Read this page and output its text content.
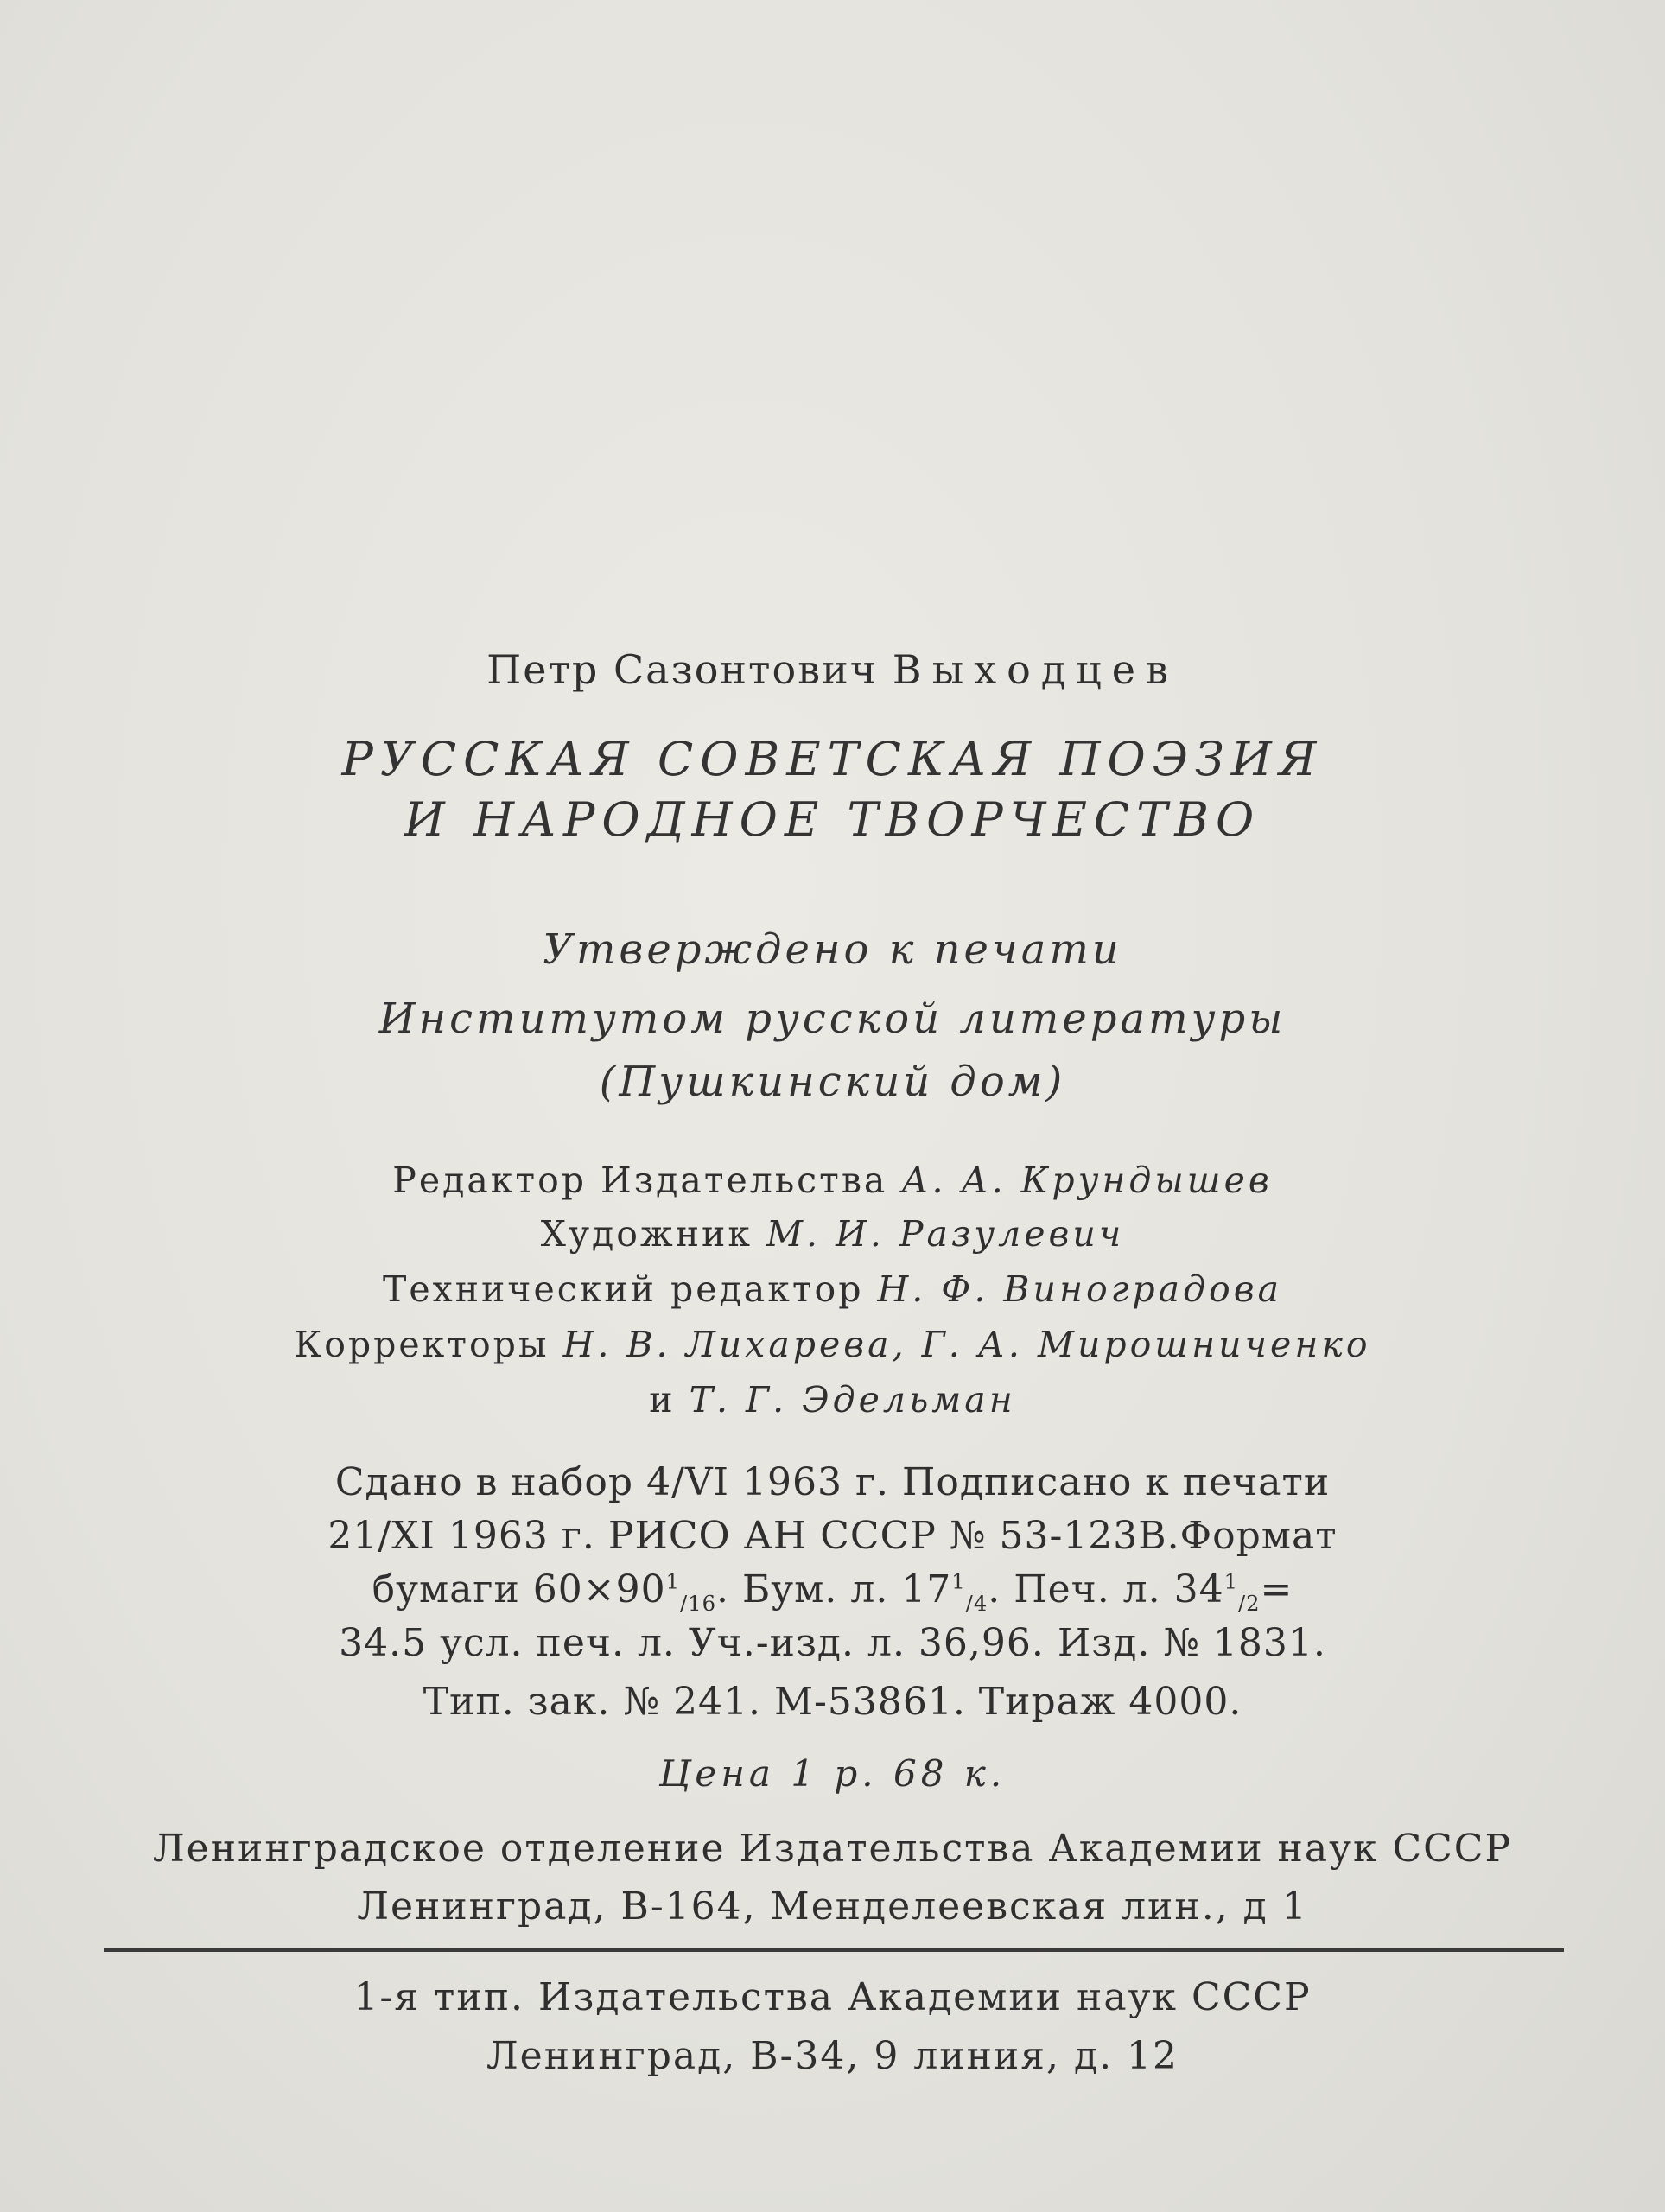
Петр Сазонтович Выходцев
РУССКАЯ СОВЕТСКАЯ ПОЭЗИЯ
И НАРОДНОЕ ТВОРЧЕСТВО
Утверждено к печати
Институтом русской литературы
(Пушкинский дом)
Редактор Издательства А. А. Крундышев
Художник М. И. Разулевич
Технический редактор Н. Ф. Виноградова
Корректоры Н. В. Лихарева, Г. А. Мирошниченко
и Т. Г. Эдельман
Сдано в набор 4/VI 1963 г. Подписано к печати
21/XI 1963 г. РИСО АН СССР № 53-123В.Формат
бумаги $60\times 90^1_{/16}$. Бум. л. $17^1_{/4}$. Печ. л. $34^1_{/2}=$
34.5 усл. печ. л. Уч.-изд. л. 36,96. Изд. № 1831.
Тип. зак. № 241. М-53861. Тираж 4000.
Цена 1 р. 68 к.
Ленинградское отделение Издательства Академии наук СССР
Ленинград, В-164, Менделеевская лин., д 1
1-я тип. Издательства Академии наук СССР
Ленинград, В-34, 9 линия, д. 12
